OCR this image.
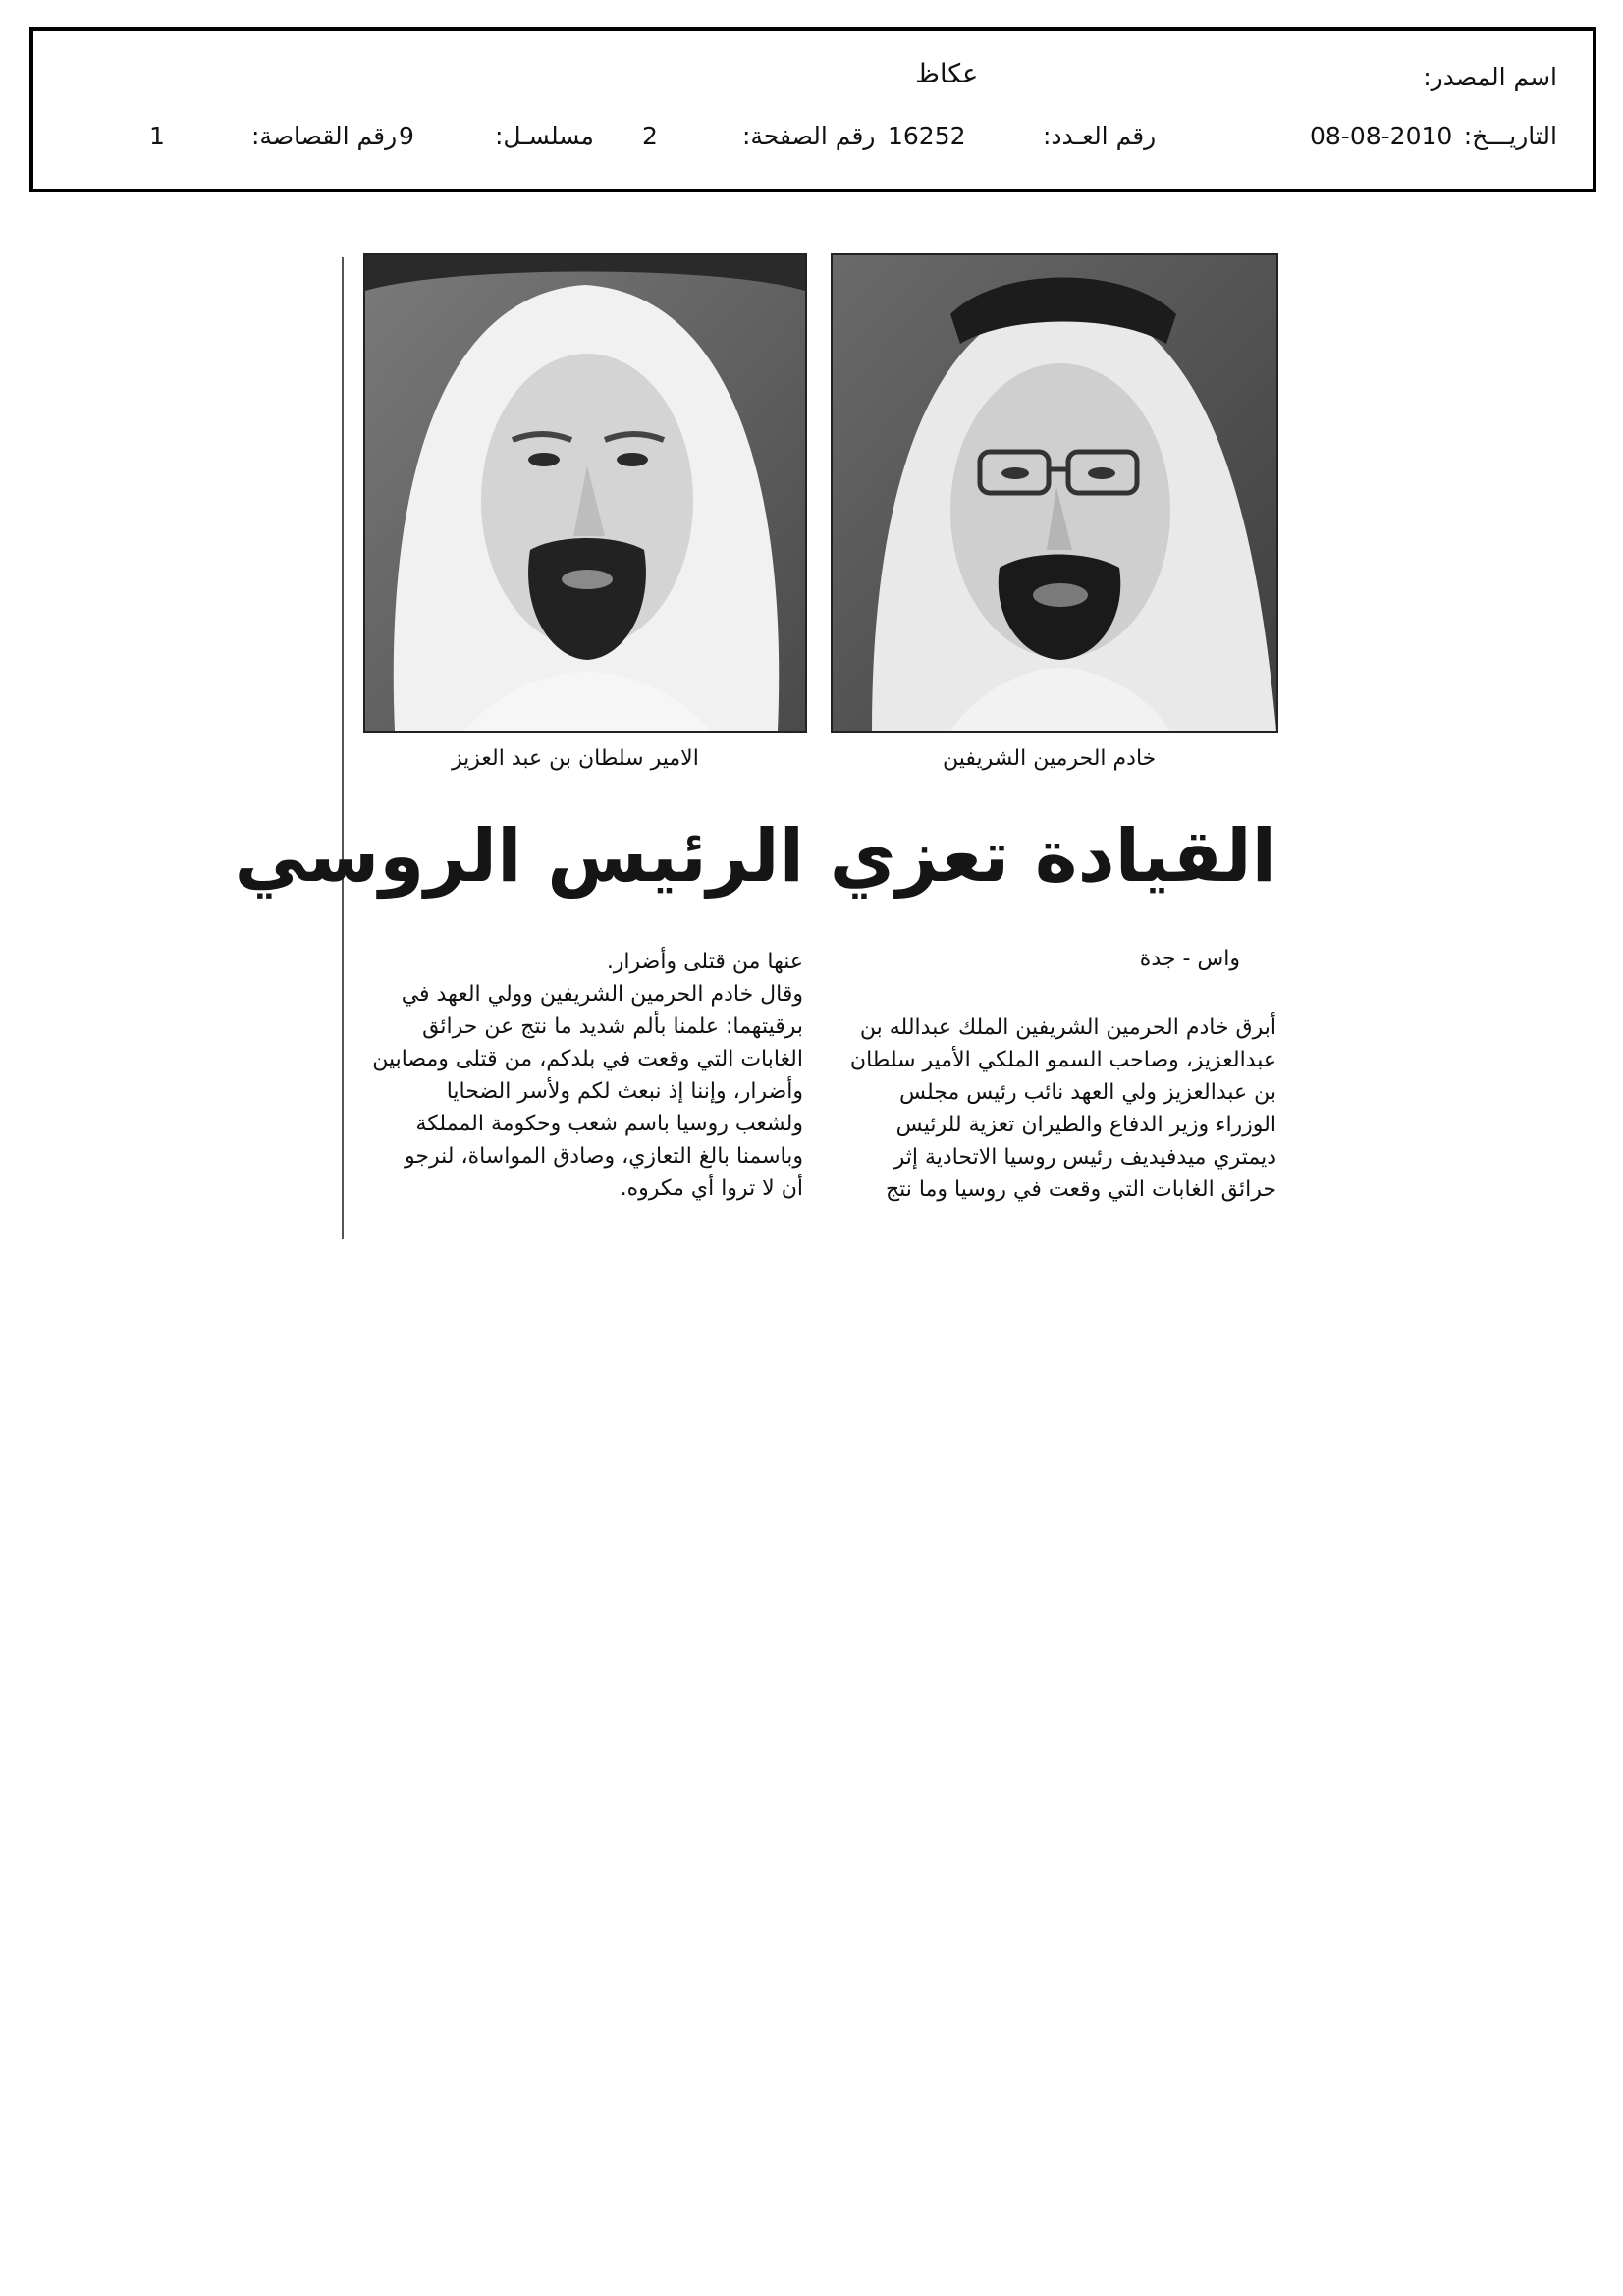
اسم المصدر:
عكاظ
التاريـــخ:
08-08-2010
رقم العـدد:
16252
رقم الصفحة:
2
مسلسـل:
9
رقم القصاصة:
1
خادم الحرمين الشريفين
الامير سلطان بن عبد العزيز
القيادة تعزي الرئيس الروسي
واس - جدة
أبرق خادم الحرمين الشريفين الملك عبدالله بن
عبدالعزيز، وصاحب السمو الملكي الأمير سلطان
بن عبدالعزيز ولي العهد نائب رئيس مجلس
الوزراء وزير الدفاع والطيران تعزية للرئيس
ديمتري ميدفيديف رئيس روسيا الاتحادية إثر
حرائق الغابات التي وقعت في روسيا وما نتج
عنها من قتلى وأضرار.
وقال خادم الحرمين الشريفين وولي العهد في
برقيتهما: علمنا بألم شديد ما نتج عن حرائق
الغابات التي وقعت في بلدكم، من قتلى ومصابين
وأضرار، وإننا إذ نبعث لكم ولأسر الضحايا
ولشعب روسيا باسم شعب وحكومة المملكة
وباسمنا بالغ التعازي، وصادق المواساة، لنرجو
أن لا تروا أي مكروه.
